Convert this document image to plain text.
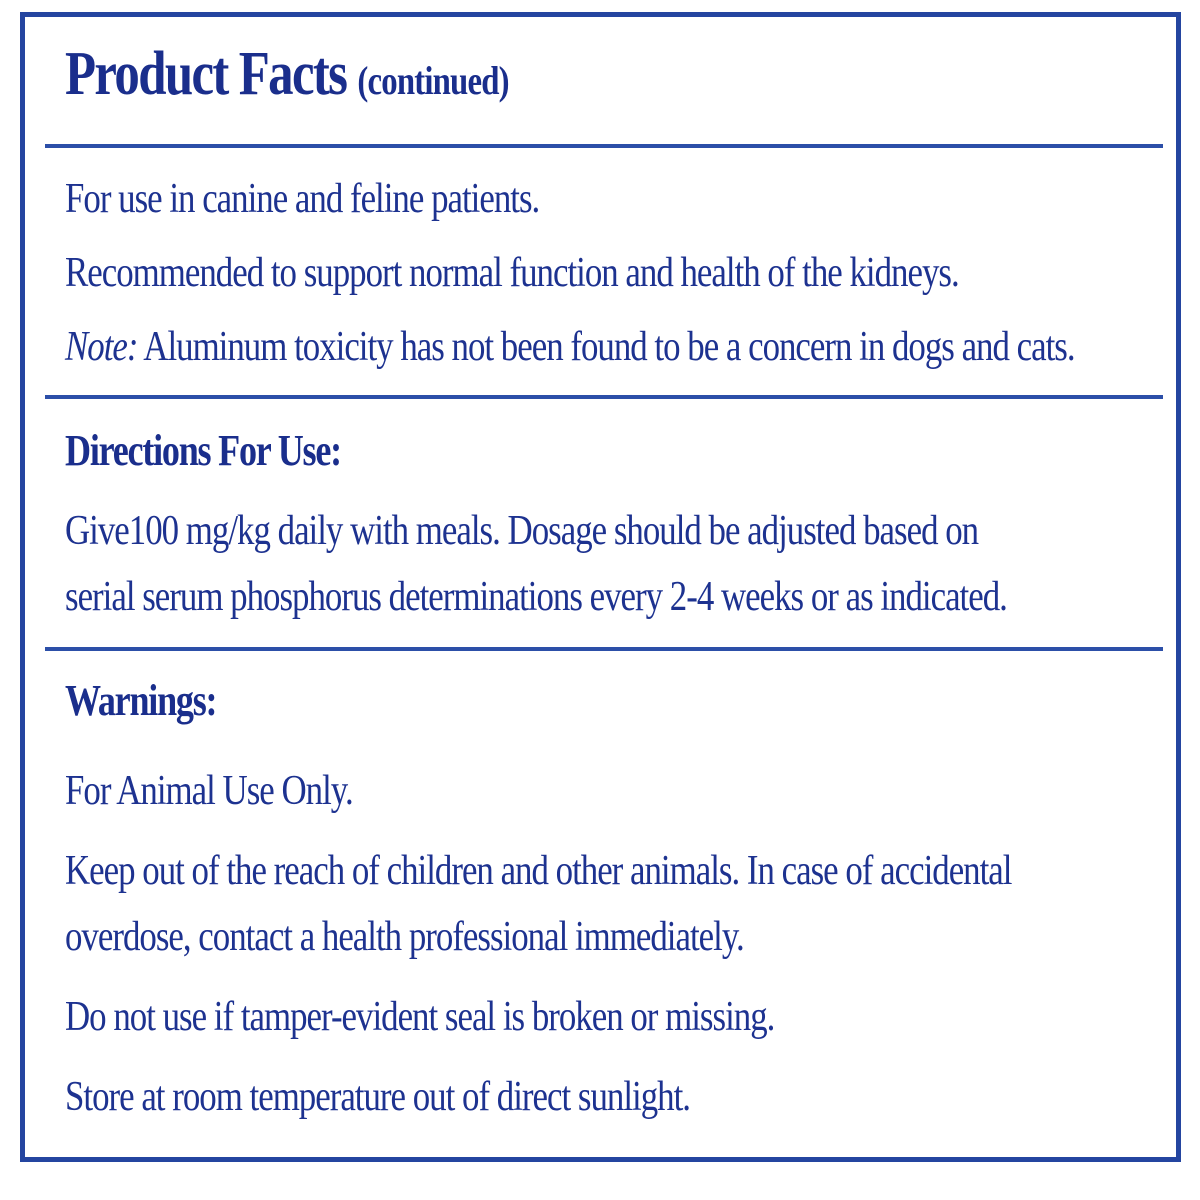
Product Facts (continued)
For use in canine and feline patients.
Recommended to support normal function and health of the kidneys.
Note: Aluminum toxicity has not been found to be a concern in dogs and cats.
Directions For Use:
Give100 mg/kg daily with meals. Dosage should be adjusted based on
serial serum phosphorus determinations every 2-4 weeks or as indicated.
Warnings:
For Animal Use Only.
Keep out of the reach of children and other animals. In case of accidental
overdose, contact a health professional immediately.
Do not use if tamper-evident seal is broken or missing.
Store at room temperature out of direct sunlight.
